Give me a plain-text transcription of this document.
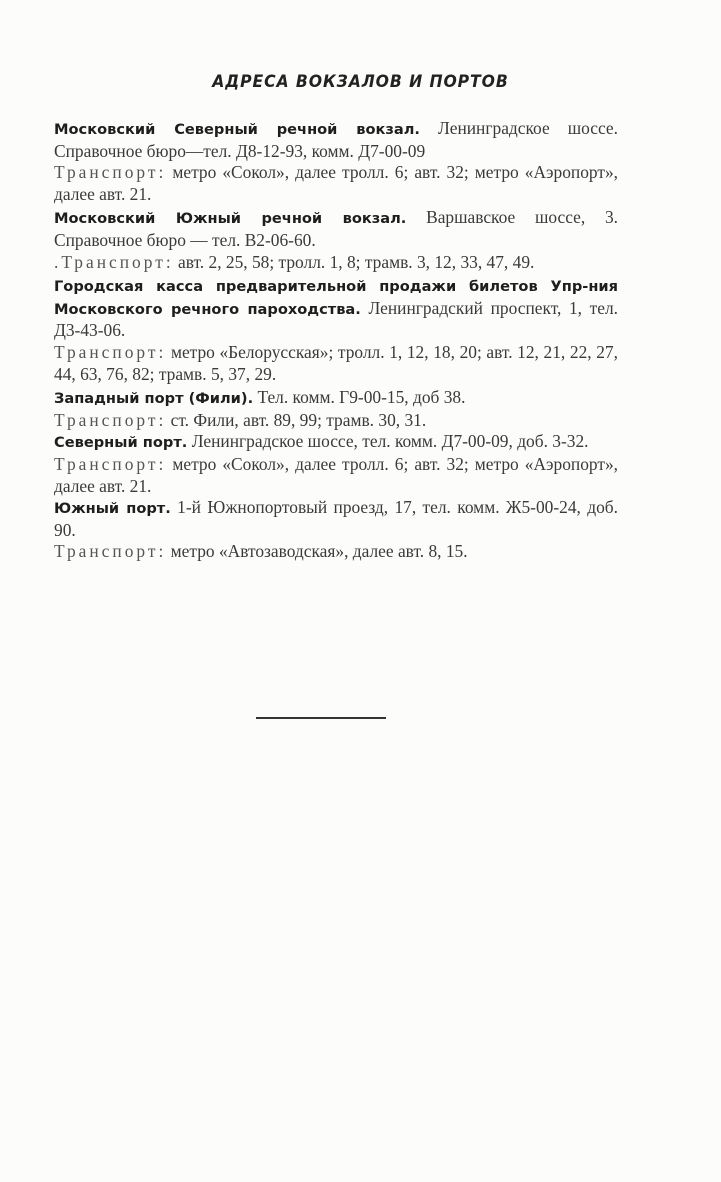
АДРЕСА ВОКЗАЛОВ И ПОРТОВ

Московский Северный речной вокзал. Ленинградское шоссе. Справочное бюро—тел. Д8-12-93, комм. Д7-00-09

Транспорт: метро «Сокол», далее тролл. 6; авт. 32; метро «Аэропорт», далее авт. 21.

Московский Южный речной вокзал. Варшавское шоссе, 3. Справочное бюро — тел. В2-06-60.

.Транспорт: авт. 2, 25, 58; тролл. 1, 8; трамв. 3, 12, 33, 47, 49.

Городская касса предварительной продажи билетов Упр-ния Московского речного пароходства. Ленинградский проспект, 1, тел. Д3-43-06.

Транспорт: метро «Белорусская»; тролл. 1, 12, 18, 20; авт. 12, 21, 22, 27, 44, 63, 76, 82; трамв. 5, 37, 29.

Западный порт (Фили). Тел. комм. Г9-00-15, доб 38.

Транспорт: ст. Фили, авт. 89, 99; трамв. 30, 31.

Северный порт. Ленинградское шоссе, тел. комм. Д7-00-09, доб. 3-32.

Транспорт: метро «Сокол», далее тролл. 6; авт. 32; метро «Аэропорт», далее авт. 21.

Южный порт. 1-й Южнопортовый проезд, 17, тел. комм. Ж5-00-24, доб. 90.

Транспорт: метро «Автозаводская», далее авт. 8, 15.
